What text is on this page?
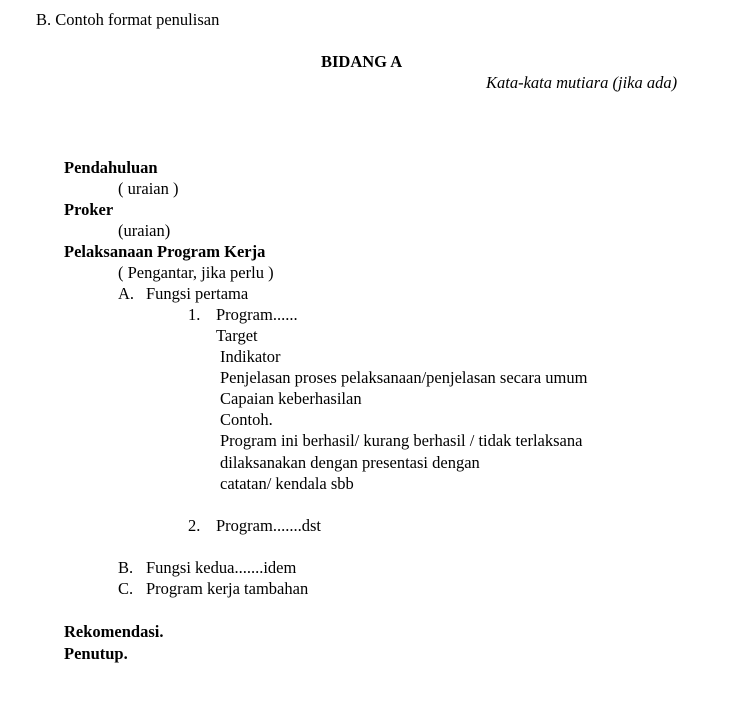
B. Contoh format penulisan
BIDANG A
Kata-kata mutiara (jika ada)
Pendahuluan
( uraian )
Proker
(uraian)
Pelaksanaan Program Kerja
( Pengantar, jika perlu )
A. Fungsi pertama
1. Program......
Target
Indikator
Penjelasan proses pelaksanaan/penjelasan secara umum
Capaian keberhasilan
Contoh.
Program ini berhasil/ kurang berhasil / tidak terlaksana
dilaksanakan dengan presentasi dengan
catatan/ kendala sbb
2. Program.......dst
B. Fungsi kedua.......idem
C. Program kerja tambahan
Rekomendasi.
Penutup.
